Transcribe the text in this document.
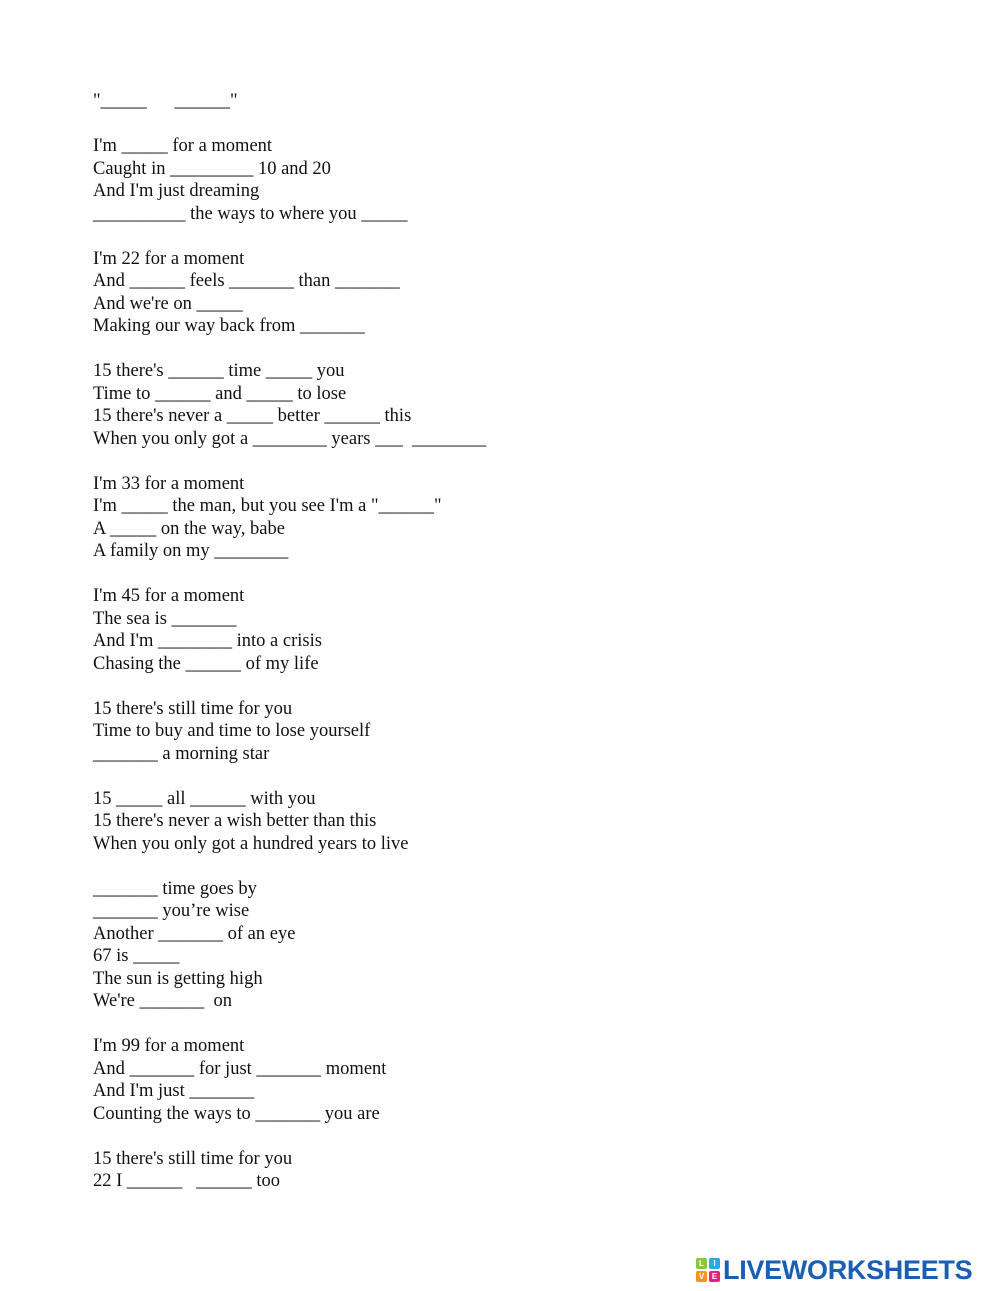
"_____      ______"
I'm _____ for a moment
Caught in _________ 10 and 20
And I'm just dreaming
__________ the ways to where you _____
I'm 22 for a moment
And ______ feels _______ than _______
And we're on _____
Making our way back from _______
15 there's ______ time _____ you
Time to ______ and _____ to lose
15 there's never a _____ better ______ this
When you only got a ________ years ___  ________
I'm 33 for a moment
I'm _____ the man, but you see I'm a "______"
A _____ on the way, babe
A family on my ________
I'm 45 for a moment
The sea is _______
And I'm ________ into a crisis
Chasing the ______ of my life
15 there's still time for you
Time to buy and time to lose yourself
_______ a morning star
15 _____ all ______ with you
15 there's never a wish better than this
When you only got a hundred years to live
_______ time goes by
_______ you’re wise
Another _______ of an eye
67 is _____
The sun is getting high
We're _______  on
I'm 99 for a moment
And _______ for just _______ moment
And I'm just _______
Counting the ways to _______ you are
15 there's still time for you
22 I ______   ______ too
L	I
V E LIVEWORKSHEETS
